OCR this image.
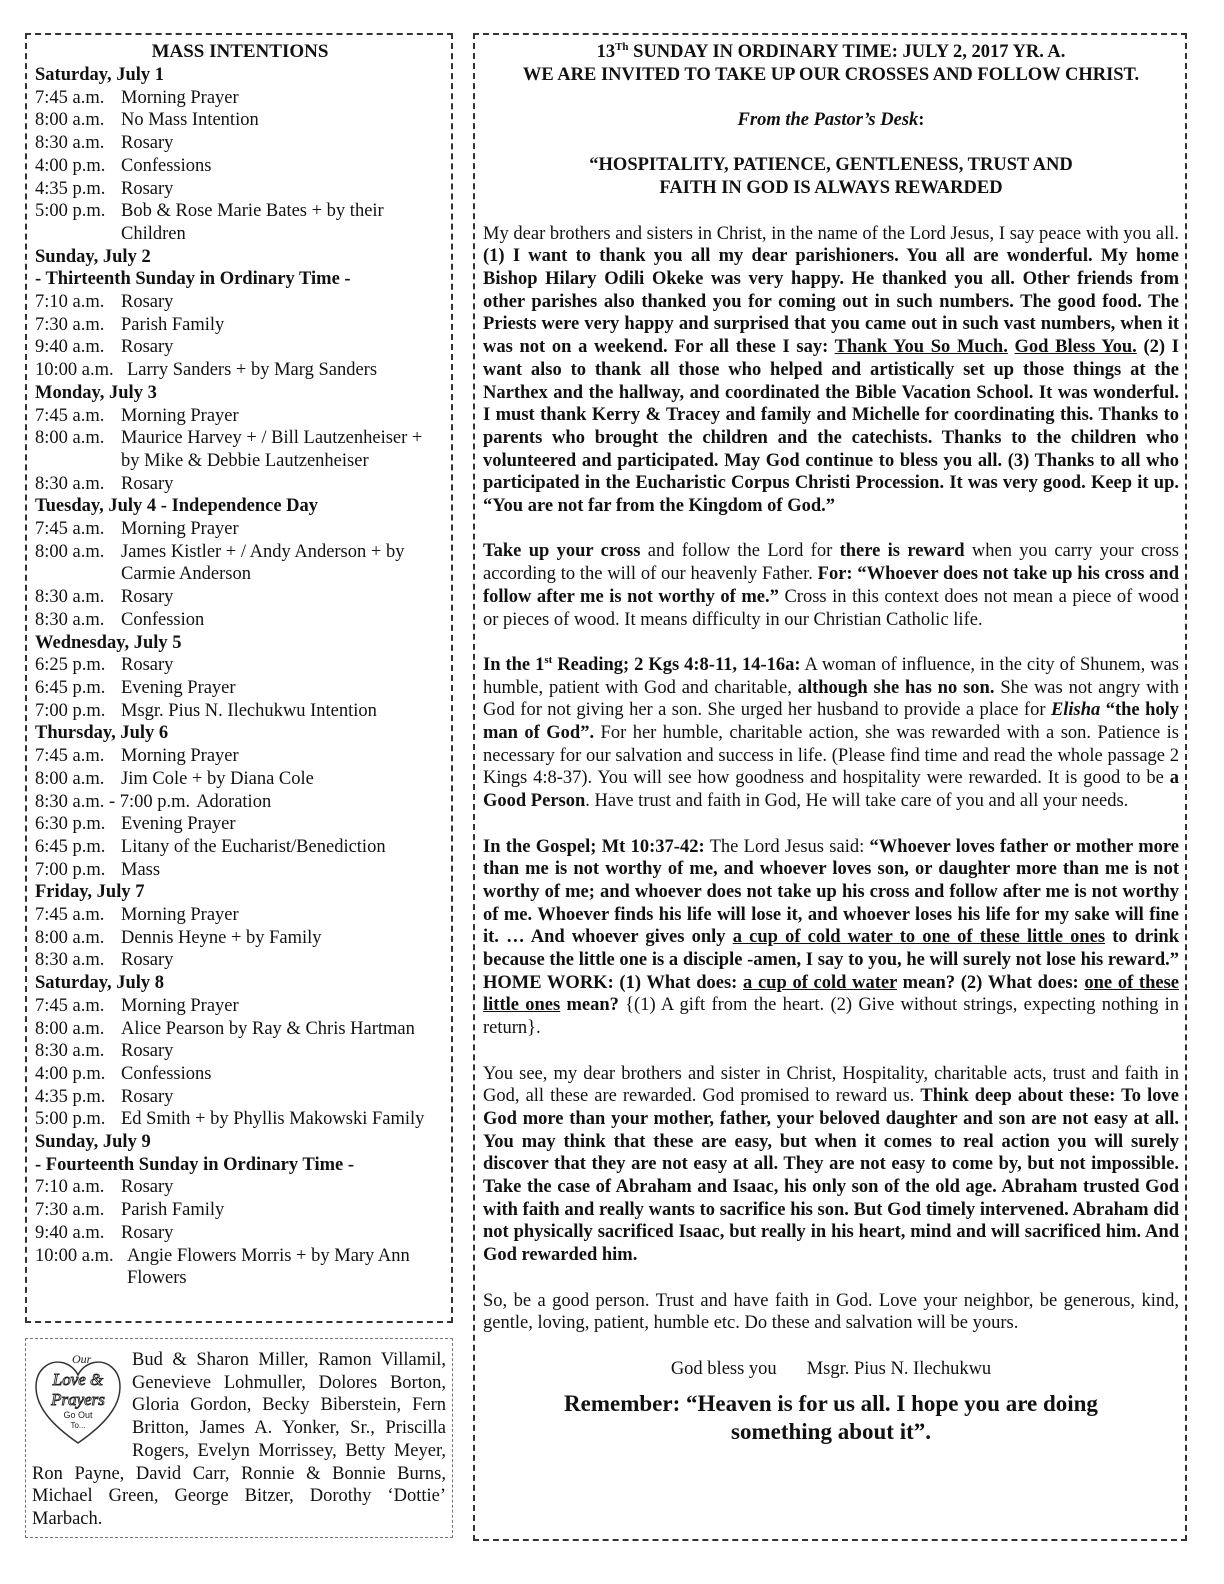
MASS INTENTIONS
Saturday, July 1
7:45 a.m. Morning Prayer
8:00 a.m. No Mass Intention
8:30 a.m. Rosary
4:00 p.m. Confessions
4:35 p.m. Rosary
5:00 p.m. Bob & Rose Marie Bates + by their Children
Sunday, July 2
- Thirteenth Sunday in Ordinary Time -
7:10 a.m. Rosary
7:30 a.m. Parish Family
9:40 a.m. Rosary
10:00 a.m. Larry Sanders + by Marg Sanders
Monday, July 3
7:45 a.m. Morning Prayer
8:00 a.m. Maurice Harvey + / Bill Lautzenheiser + by Mike & Debbie Lautzenheiser
8:30 a.m. Rosary
Tuesday, July 4 - Independence Day
7:45 a.m. Morning Prayer
8:00 a.m. James Kistler + / Andy Anderson + by Carmie Anderson
8:30 a.m. Rosary
8:30 a.m. Confession
Wednesday, July 5
6:25 p.m. Rosary
6:45 p.m. Evening Prayer
7:00 p.m. Msgr. Pius N. Ilechukwu Intention
Thursday, July 6
7:45 a.m. Morning Prayer
8:00 a.m. Jim Cole + by Diana Cole
8:30 a.m. - 7:00 p.m. Adoration
6:30 p.m. Evening Prayer
6:45 p.m. Litany of the Eucharist/Benediction
7:00 p.m. Mass
Friday, July 7
7:45 a.m. Morning Prayer
8:00 a.m. Dennis Heyne + by Family
8:30 a.m. Rosary
Saturday, July 8
7:45 a.m. Morning Prayer
8:00 a.m. Alice Pearson by Ray & Chris Hartman
8:30 a.m. Rosary
4:00 p.m. Confessions
4:35 p.m. Rosary
5:00 p.m. Ed Smith + by Phyllis Makowski Family
Sunday, July 9
- Fourteenth Sunday in Ordinary Time -
7:10 a.m. Rosary
7:30 a.m. Parish Family
9:40 a.m. Rosary
10:00 a.m. Angie Flowers Morris + by Mary Ann Flowers
Our
Love &
Prayers
Go Out
To...
Bud & Sharon Miller, Ramon Villamil, Genevieve Lohmuller, Dolores Borton, Gloria Gordon, Becky Biberstein, Fern Britton, James A. Yonker, Sr., Priscilla Rogers, Evelyn Morrissey, Betty Meyer, Ron Payne, David Carr, Ronnie & Bonnie Burns, Michael Green, George Bitzer, Dorothy ‘Dottie’ Marbach.
13Th SUNDAY IN ORDINARY TIME: JULY 2, 2017 YR. A.
WE ARE INVITED TO TAKE UP OUR CROSSES AND FOLLOW CHRIST.
From the Pastor’s Desk:
“HOSPITALITY, PATIENCE, GENTLENESS, TRUST AND
FAITH IN GOD IS ALWAYS REWARDED

My dear brothers and sisters in Christ, in the name of the Lord Jesus, I say peace with you all. (1) I want to thank you all my dear parishioners. You all are wonderful. My home Bishop Hilary Odili Okeke was very happy. He thanked you all. Other friends from other parishes also thanked you for coming out in such numbers. The good food. The Priests were very happy and surprised that you came out in such vast numbers, when it was not on a weekend. For all these I say: Thank You So Much. God Bless You. (2) I want also to thank all those who helped and artistically set up those things at the Narthex and the hallway, and coordinated the Bible Vacation School. It was wonderful. I must thank Kerry & Tracey and family and Michelle for coordinating this. Thanks to parents who brought the children and the catechists. Thanks to the children who volunteered and participated. May God continue to bless you all. (3) Thanks to all who participated in the Eucharistic Corpus Christi Procession. It was very good. Keep it up. “You are not far from the Kingdom of God.”

Take up your cross and follow the Lord for there is reward when you carry your cross according to the will of our heavenly Father. For: “Whoever does not take up his cross and follow after me is not worthy of me.” Cross in this context does not mean a piece of wood or pieces of wood. It means difficulty in our Christian Catholic life.

In the 1st Reading; 2 Kgs 4:8-11, 14-16a: A woman of influence, in the city of Shunem, was humble, patient with God and charitable, although she has no son. She was not angry with God for not giving her a son. She urged her husband to provide a place for Elisha “the holy man of God”. For her humble, charitable action, she was rewarded with a son. Patience is necessary for our salvation and success in life. (Please find time and read the whole passage 2 Kings 4:8-37). You will see how goodness and hospitality were rewarded. It is good to be a Good Person. Have trust and faith in God, He will take care of you and all your needs.

In the Gospel; Mt 10:37-42: The Lord Jesus said: “Whoever loves father or mother more than me is not worthy of me, and whoever loves son, or daughter more than me is not worthy of me; and whoever does not take up his cross and follow after me is not worthy of me. Whoever finds his life will lose it, and whoever loses his life for my sake will fine it. … And whoever gives only a cup of cold water to one of these little ones to drink because the little one is a disciple -amen, I say to you, he will surely not lose his reward.” HOME WORK: (1) What does: a cup of cold water mean? (2) What does: one of these little ones mean? {(1) A gift from the heart. (2) Give without strings, expecting nothing in return}.

You see, my dear brothers and sister in Christ, Hospitality, charitable acts, trust and faith in God, all these are rewarded. God promised to reward us. Think deep about these: To love God more than your mother, father, your beloved daughter and son are not easy at all. You may think that these are easy, but when it comes to real action you will surely discover that they are not easy at all. They are not easy to come by, but not impossible. Take the case of Abraham and Isaac, his only son of the old age. Abraham trusted God with faith and really wants to sacrifice his son. But God timely intervened. Abraham did not physically sacrificed Isaac, but really in his heart, mind and will sacrificed him. And God rewarded him.

So, be a good person. Trust and have faith in God. Love your neighbor, be generous, kind, gentle, loving, patient, humble etc. Do these and salvation will be yours.

God bless you Msgr. Pius N. Ilechukwu
Remember: “Heaven is for us all. I hope you are doing
something about it”.
